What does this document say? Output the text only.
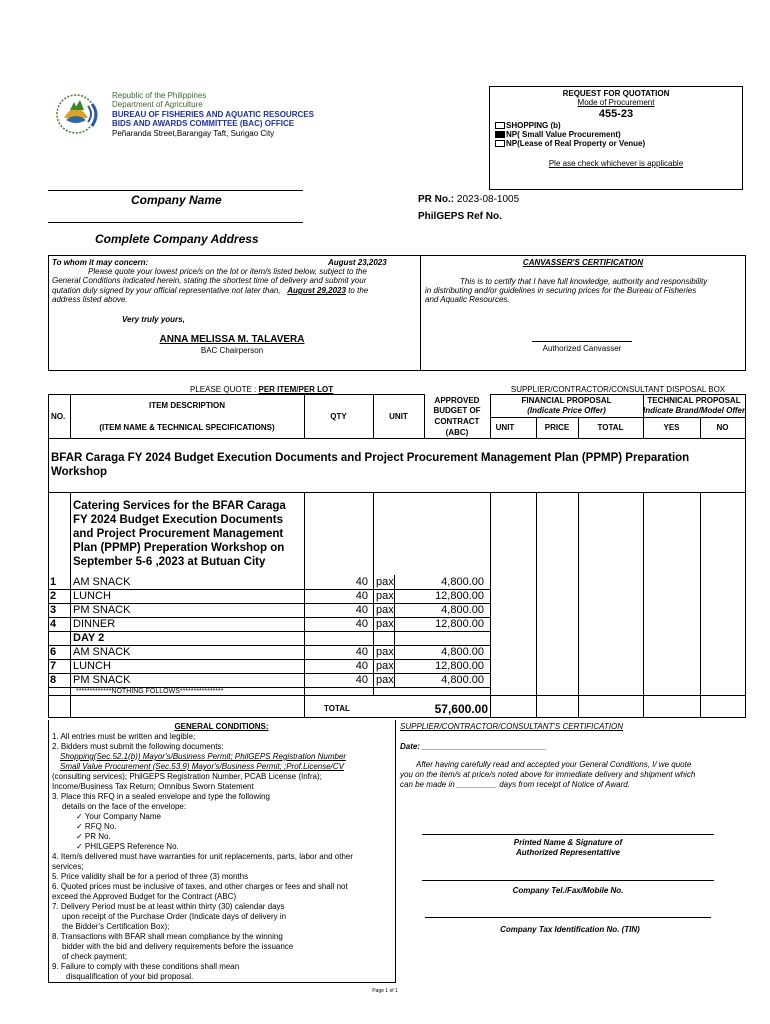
Republic of the Philippines
Department of Agriculture
BUREAU OF FISHERIES AND AQUATIC RESOURCES
BIDS AND AWARDS COMMITTEE (BAC) OFFICE
Peñaranda Street,Barangay Taft, Surigao City
REQUEST FOR QUOTATION
Mode of Procurement
455-23
SHOPPING (b)
NP( Small Value Procurement)
NP(Lease of Real Property or Venue)
Ple ase check whichever is applicable
Company Name
Complete Company Address
PR No.: 2023-08-1005
PhilGEPS Ref No.
To whom it may concern:	August 23,2023
Please quote your lowest price/s on the lot or item/s listed below, subject to the
General Conditions indicated herein, stating the shortest time of delivery and submit your
qutation duly signed by your official representative not later than, August 29,2023 to the
address listed above.
Very truly yours,
ANNA MELISSA M. TALAVERA
BAC Chairperson
CANVASSER'S CERTIFICATION
This is to certify that I have full knowledge, authority and responsibility
in distributing and/or guidelines in securing prices for the Bureau of Fisheries
and Aquatic Resources.
Authorized Canvasser
PLEASE QUOTE : PER ITEM/PER LOT	SUPPLIER/CONTRACTOR/CONSULTANT DISPOSAL BOX
NO.
ITEM DESCRIPTION
(ITEM NAME & TECHNICAL SPECIFICATIONS)
QTY	UNIT
APPROVED
BUDGET OF
CONTRACT
(ABC)
FINANCIAL PROPOSAL
(Indicate Price Offer)
TECHNICAL PROPOSAL
Indicate Brand/Model Offer
UNIT	PRICE	TOTAL	YES	NO
BFAR Caraga FY 2024 Budget Execution Documents and Project Procurement Management Plan (PPMP) Preparation
Workshop
Catering Services for the BFAR Caraga
FY 2024 Budget Execution Documents
and Project Procurement Management
Plan (PPMP) Preperation Workshop on
September 5-6 ,2023 at Butuan City
1 AM SNACK	40 pax	4,800.00
2 LUNCH	40 pax	12,800.00
3 PM SNACK	40 pax	4,800.00
4 DINNER	40 pax	12,800.00
DAY 2
6 AM SNACK	40 pax	4,800.00
7 LUNCH	40 pax	12,800.00
8 PM SNACK	40 pax	4,800.00
*************NOTHING FOLLOWS****************
TOTAL	57,600.00
GENERAL CONDITIONS:
1. All entries must be written and legible;
2. Bidders must submit the following documents:
Shopping(Sec.52.1(b)) Mayor's/Business Permit; PhilGEPS Registration Number
Small Value Procurement (Sec.53.9) Mayor's/Business Permit; ;Prof.License/CV
(consulting services); PhilGEPS Registration Number, PCAB License (Infra);
Income/Business Tax Return; Omnibus Sworn Statement
3. Place this RFQ in a sealed envelope and type the following
details on the face of the envelope:
✓ Your Company Name
✓ RFQ No.
✓ PR No.
✓ PHILGEPS Reference No.
4. Item/s delivered must have warranties for unit replacements, parts, labor and other
services;
5. Price validity shall be for a period of three (3) months
6. Quoted prices must be inclusive of taxes, and other charges or fees and shall not
exceed the Approved Budget for the Contract (ABC)
7. Delivery Period must be at least within thirty (30) calendar days
upon receipt of the Purchase Order (Indicate days of delivery in
the Bidder's Certification Box);
8. Transactions with BFAR shall mean compliance by the winning
bidder with the bid and delivery requirements before the issuance
of check payment;
9. Failure to comply with these conditions shall mean
disqualification of your bid proposal.
SUPPLIER/CONTRACTOR/CONSULTANT'S CERTIFICATION
Date: ____________________________
After having carefully read and accepted your General Conditions, I/ we quote
you on the item/s at price/s noted above for immediate delivery and shipment which
can be made in _________ days from receipt of Notice of Award.
Printed Name & Signature of
Authorized Representattive
Company Tel./Fax/Mobile No.
Company Tax Identification No. (TIN)
Page 1 of 1
